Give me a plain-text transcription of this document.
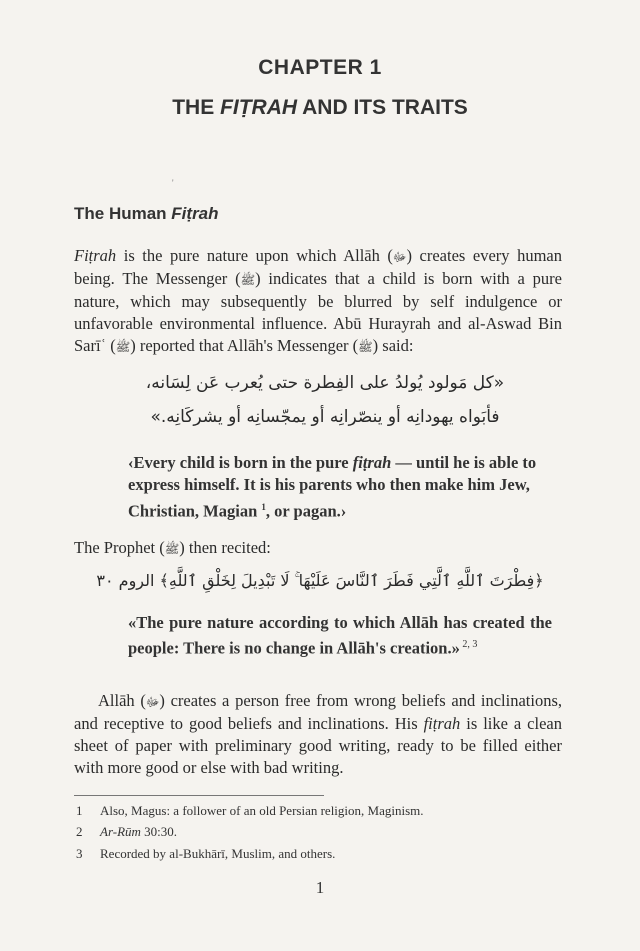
CHAPTER 1
THE FIṬRAH AND ITS TRAITS
'
The Human Fiṭrah
Fiṭrah is the pure nature upon which Allāh (ﷻ) creates every human being. The Messenger (ﷺ) indicates that a child is born with a pure nature, which may subsequently be blurred by self indulgence or unfavorable environmental influence. Abū Hurayrah and al-Aswad Bin Sarīʿ (ﷺ) reported that Allāh's Messenger (ﷺ) said:
«كل مَولود يُولدُ على الفِطرة حتى يُعرب عَن لِسَانه،
فأبَواه يهودانِه أو ينصّرانِه أو يمجّسانِه أو يشركَانِه.»
‹Every child is born in the pure fiṭrah — until he is able to express himself. It is his parents who then make him Jew, Christian, Magian $^1$, or pagan.›
The Prophet (ﷺ) then recited:
﴿فِطْرَتَ ٱللَّهِ ٱلَّتِي فَطَرَ ٱلنَّاسَ عَلَيْهَا ۚ لَا تَبْدِيلَ لِخَلْقِ ٱللَّهِ﴾ الروم ٣٠
«The pure nature according to which Allāh has created the people: There is no change in Allāh's creation.» $^{2, 3}$
Allāh (ﷻ) creates a person free from wrong beliefs and inclinations, and receptive to good beliefs and inclinations. His fiṭrah is like a clean sheet of paper with preliminary good writing, ready to be filled either with more good or else with bad writing.
1 Also, Magus: a follower of an old Persian religion, Maginism.
2 Ar-Rūm 30:30.
3 Recorded by al-Bukhārī, Muslim, and others.
1
